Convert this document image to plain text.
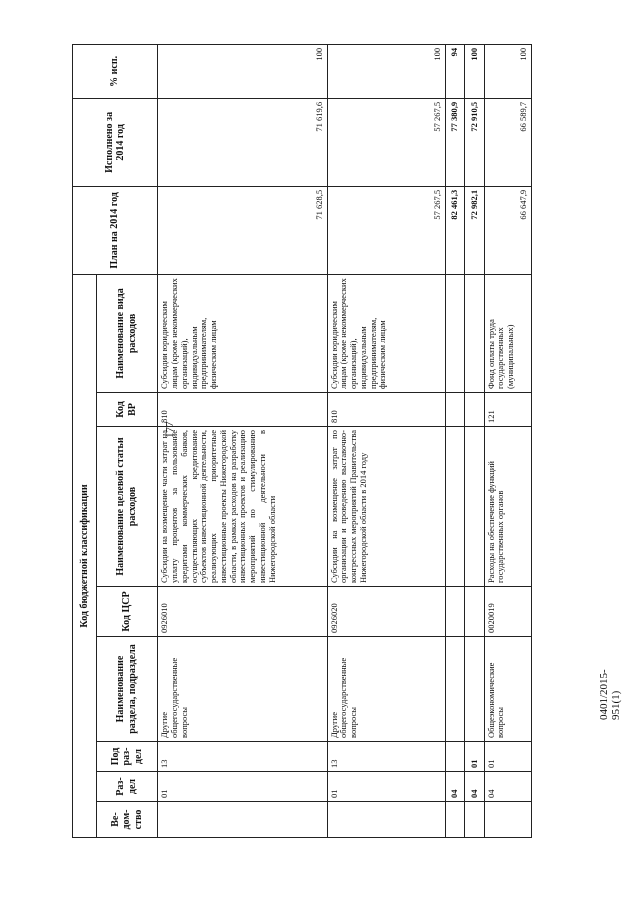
177
0401/2015-951(1)
Код бюджетной классификации								План на 2014 год	Исполнено за 2014 год	% исп.
Ве-дом-ство	Раз-дел	Под раз-дел	Наименование раздела, подраздела	Код ЦСР	Наименование целевой статьи расходов	Код ВР	Наименование вида расходов			
	01	13	Другие общегосударственные вопросы	0926010	Субсидии на возмещение части затрат на уплату процентов за пользование кредитами коммерческих банков, осуществляющих кредитование субъектов инвестиционной деятельности, реализующих приоритетные инвестиционные проекты Нижегородской области, в рамках расходов на разработку инвестиционных проектов и реализацию мероприятий по стимулированию инвестиционной деятельности в Нижегородской области	810	Субсидии юридическим лицам (кроме некоммерческих организаций), индивидуальным предпринимателям, физическим лицам	71 628,5	71 619,6	100
	01	13	Другие общегосударственные вопросы	0926020	Субсидии на возмещение затрат по организации и проведению выставочно-конгрессных мероприятий Правительства Нижегородской области в 2014 году	810	Субсидии юридическим лицам (кроме некоммерческих организаций), индивидуальным предпринимателям, физическим лицам	57 267,5	57 267,5	100
	04							82 461,3	77 380,9	94
	04	01						72 982,1	72 910,5	100
	04	01	Общеэкономические вопросы	0020019	Расходы на обеспечение функций государственных органов	121	Фонд оплаты труда государственных (муниципальных)	66 647,9	66 589,7	100
